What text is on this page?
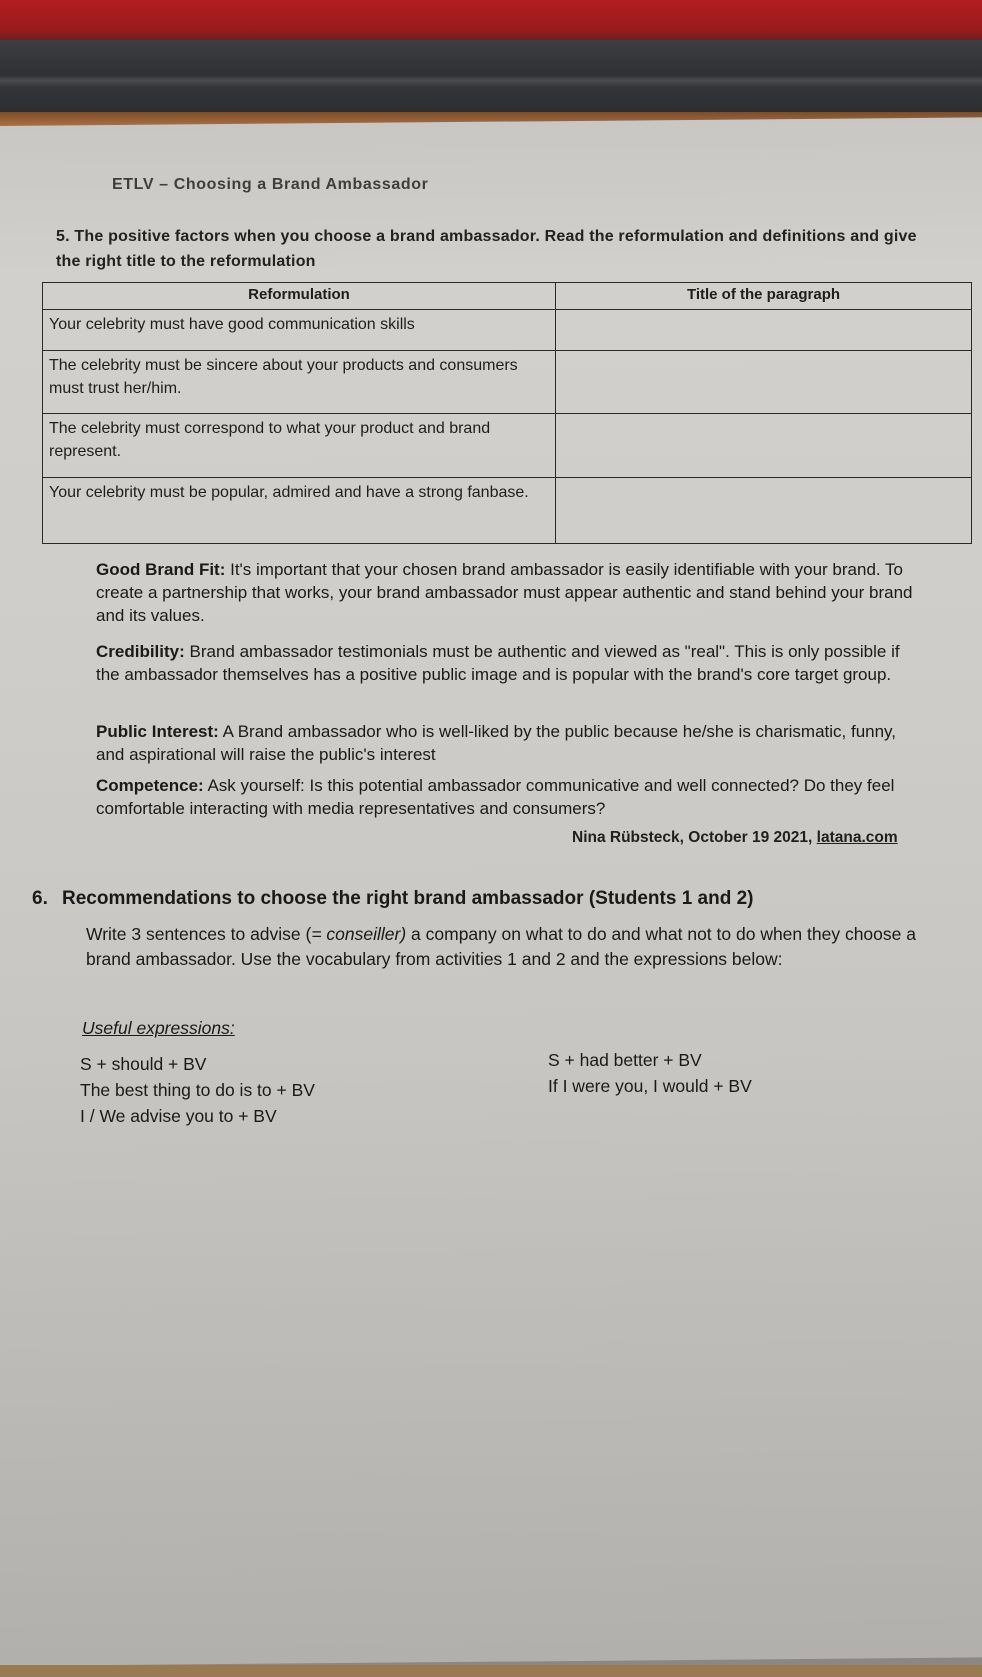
ETLV – Choosing a Brand Ambassador
5. The positive factors when you choose a brand ambassador. Read the reformulation and definitions and give the right title to the reformulation
Reformulation	Title of the paragraph
Your celebrity must have good communication skills	
The celebrity must be sincere about your products and consumers must trust her/him.	
The celebrity must correspond to what your product and brand represent.	
Your celebrity must be popular, admired and have a strong fanbase.	
Good Brand Fit: It's important that your chosen brand ambassador is easily identifiable with your brand. To create a partnership that works, your brand ambassador must appear authentic and stand behind your brand and its values.
Credibility: Brand ambassador testimonials must be authentic and viewed as "real". This is only possible if the ambassador themselves has a positive public image and is popular with the brand's core target group.
Public Interest: A Brand ambassador who is well-liked by the public because he/she is charismatic, funny, and aspirational will raise the public's interest
Competence: Ask yourself: Is this potential ambassador communicative and well connected? Do they feel comfortable interacting with media representatives and consumers?
Nina Rübsteck, October 19 2021, latana.com
6. Recommendations to choose the right brand ambassador (Students 1 and 2)
Write 3 sentences to advise (= conseiller) a company on what to do and what not to do when they choose a brand ambassador. Use the vocabulary from activities 1 and 2 and the expressions below:
Useful expressions:
S + should + BV	S + had better + BV
The best thing to do is to + BV	If I were you, I would + BV
I / We advise you to + BV
